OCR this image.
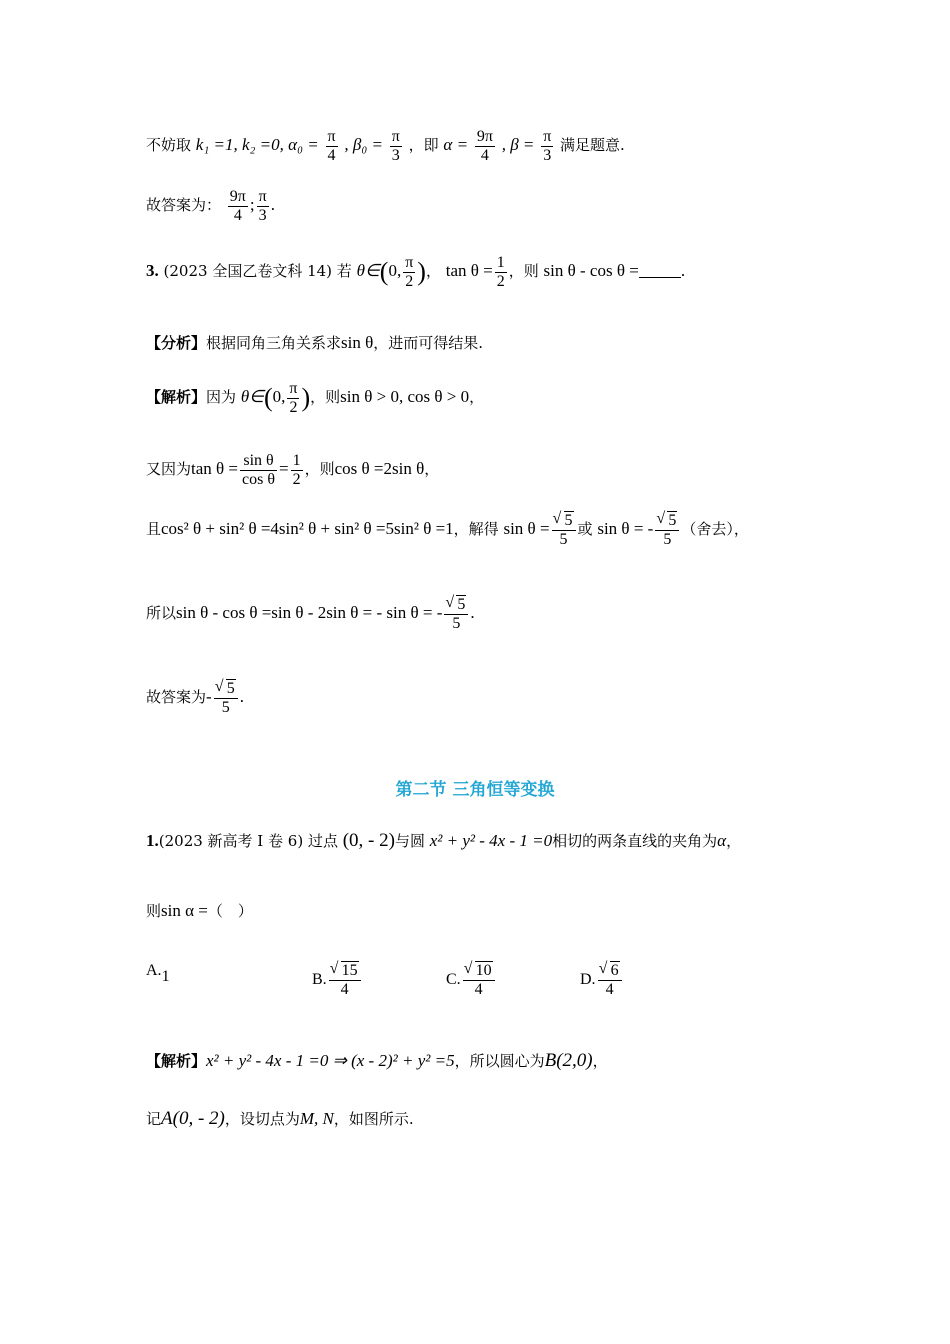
不妨取 k₁ =1, k₂ =0, $\alpha_0 = \frac{\pi}{4}$ , $\beta_0 = \frac{\pi}{3}$ ，即 $\alpha = \frac{9\pi}{4}$ , $\beta = \frac{\pi}{3}$ 满足题意.
故答案为： $\frac{9\pi}{4}$ ; $\frac{\pi}{3}$ .
3. (2023 全国乙卷文科 14) 若 θ∈(0, $\frac{\pi}{2}$ )， $\tan \theta = \frac{1}{2}$ ，则 sin θ - cos θ = .
【分析】根据同角三角关系求sin θ，进而可得结果.
【解析】因为 θ∈(0, $\frac{\pi}{2}$ )，则sin θ > 0, cos θ > 0，
又因为$\tan \theta = \frac{\text{sin θ}}{\text{cos θ}} = \frac{1}{2}$ ，则cos θ =2sin θ，
且cos² θ + sin² θ =4sin² θ + sin² θ =5sin² θ =1，解得 sin θ = √ $\frac{5}{5}$ 或 sin θ = - √ $\frac{5}{5}$ （舍去），
所以sin θ - cos θ =sin θ - 2sin θ = - sin θ = - √ $\frac{5}{5}$ .
故答案为- √ $\frac{5}{5}$ .
第二节 三角恒等变换
1.(2023 新高考 I 卷 6) 过点 (0, - 2)与圆 x² + y² - 4x - 1 =0相切的两条直线的夹角为α，
则sin α =（　）
A.1	B. √ $\frac{15}{4}$	C. √ $\frac{10}{4}$	D. √ $\frac{6}{4}$
【解析】x² + y² - 4x - 1 =0 ⇒ (x - 2)² + y² =5，所以圆心为B(2,0)，
记A(0, - 2)，设切点为M, N，如图所示.
